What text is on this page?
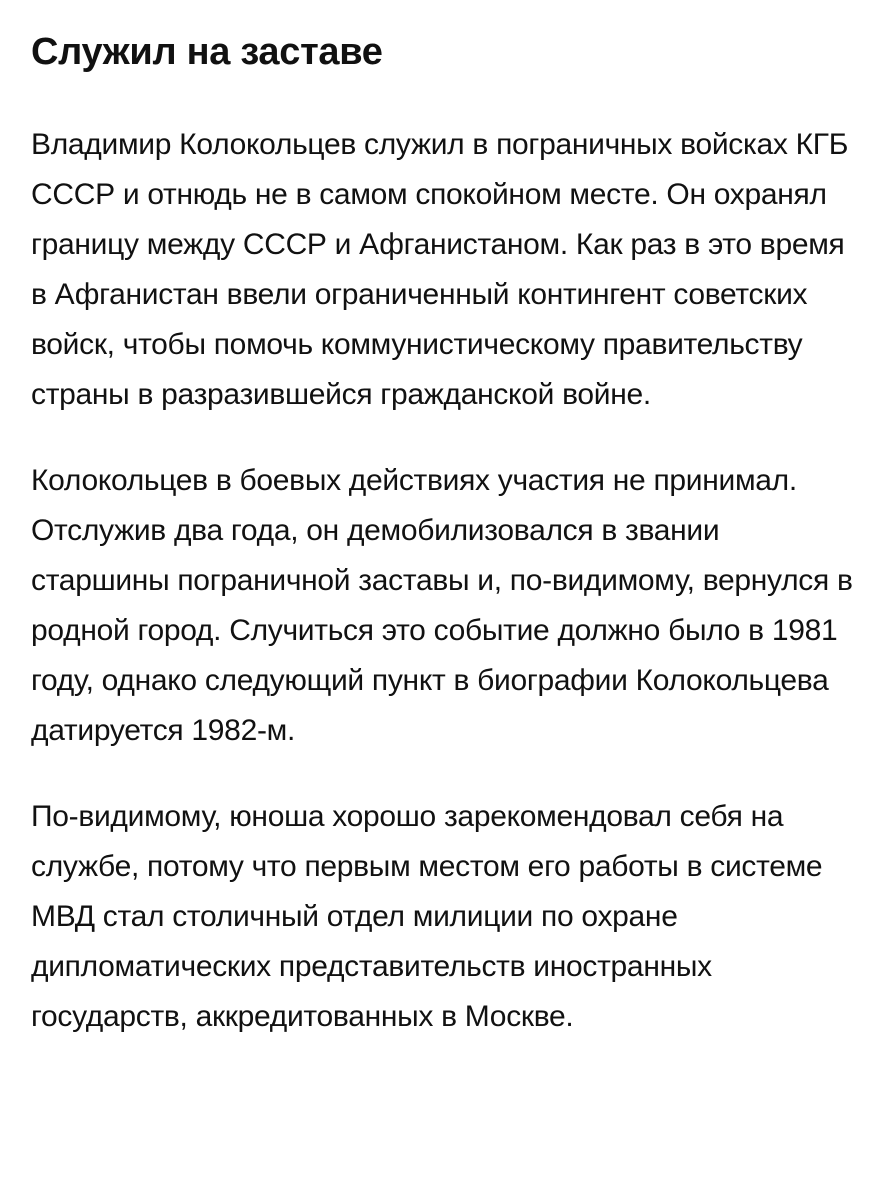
Служил на заставе

Владимир Колокольцев служил в пограничных войсках КГБ СССР и отнюдь не в самом спокойном месте. Он охранял границу между СССР и Афганистаном. Как раз в это время в Афганистан ввели ограниченный контингент советских войск, чтобы помочь коммунистическому правительству страны в разразившейся гражданской войне.

Колокольцев в боевых действиях участия не принимал. Отслужив два года, он демобилизовался в звании старшины пограничной заставы и, по-видимому, вернулся в родной город. Случиться это событие должно было в 1981 году, однако следующий пункт в биографии Колокольцева датируется 1982-м.

По-видимому, юноша хорошо зарекомендовал себя на службе, потому что первым местом его работы в системе МВД стал столичный отдел милиции по охране дипломатических представительств иностранных государств, аккредитованных в Москве.
